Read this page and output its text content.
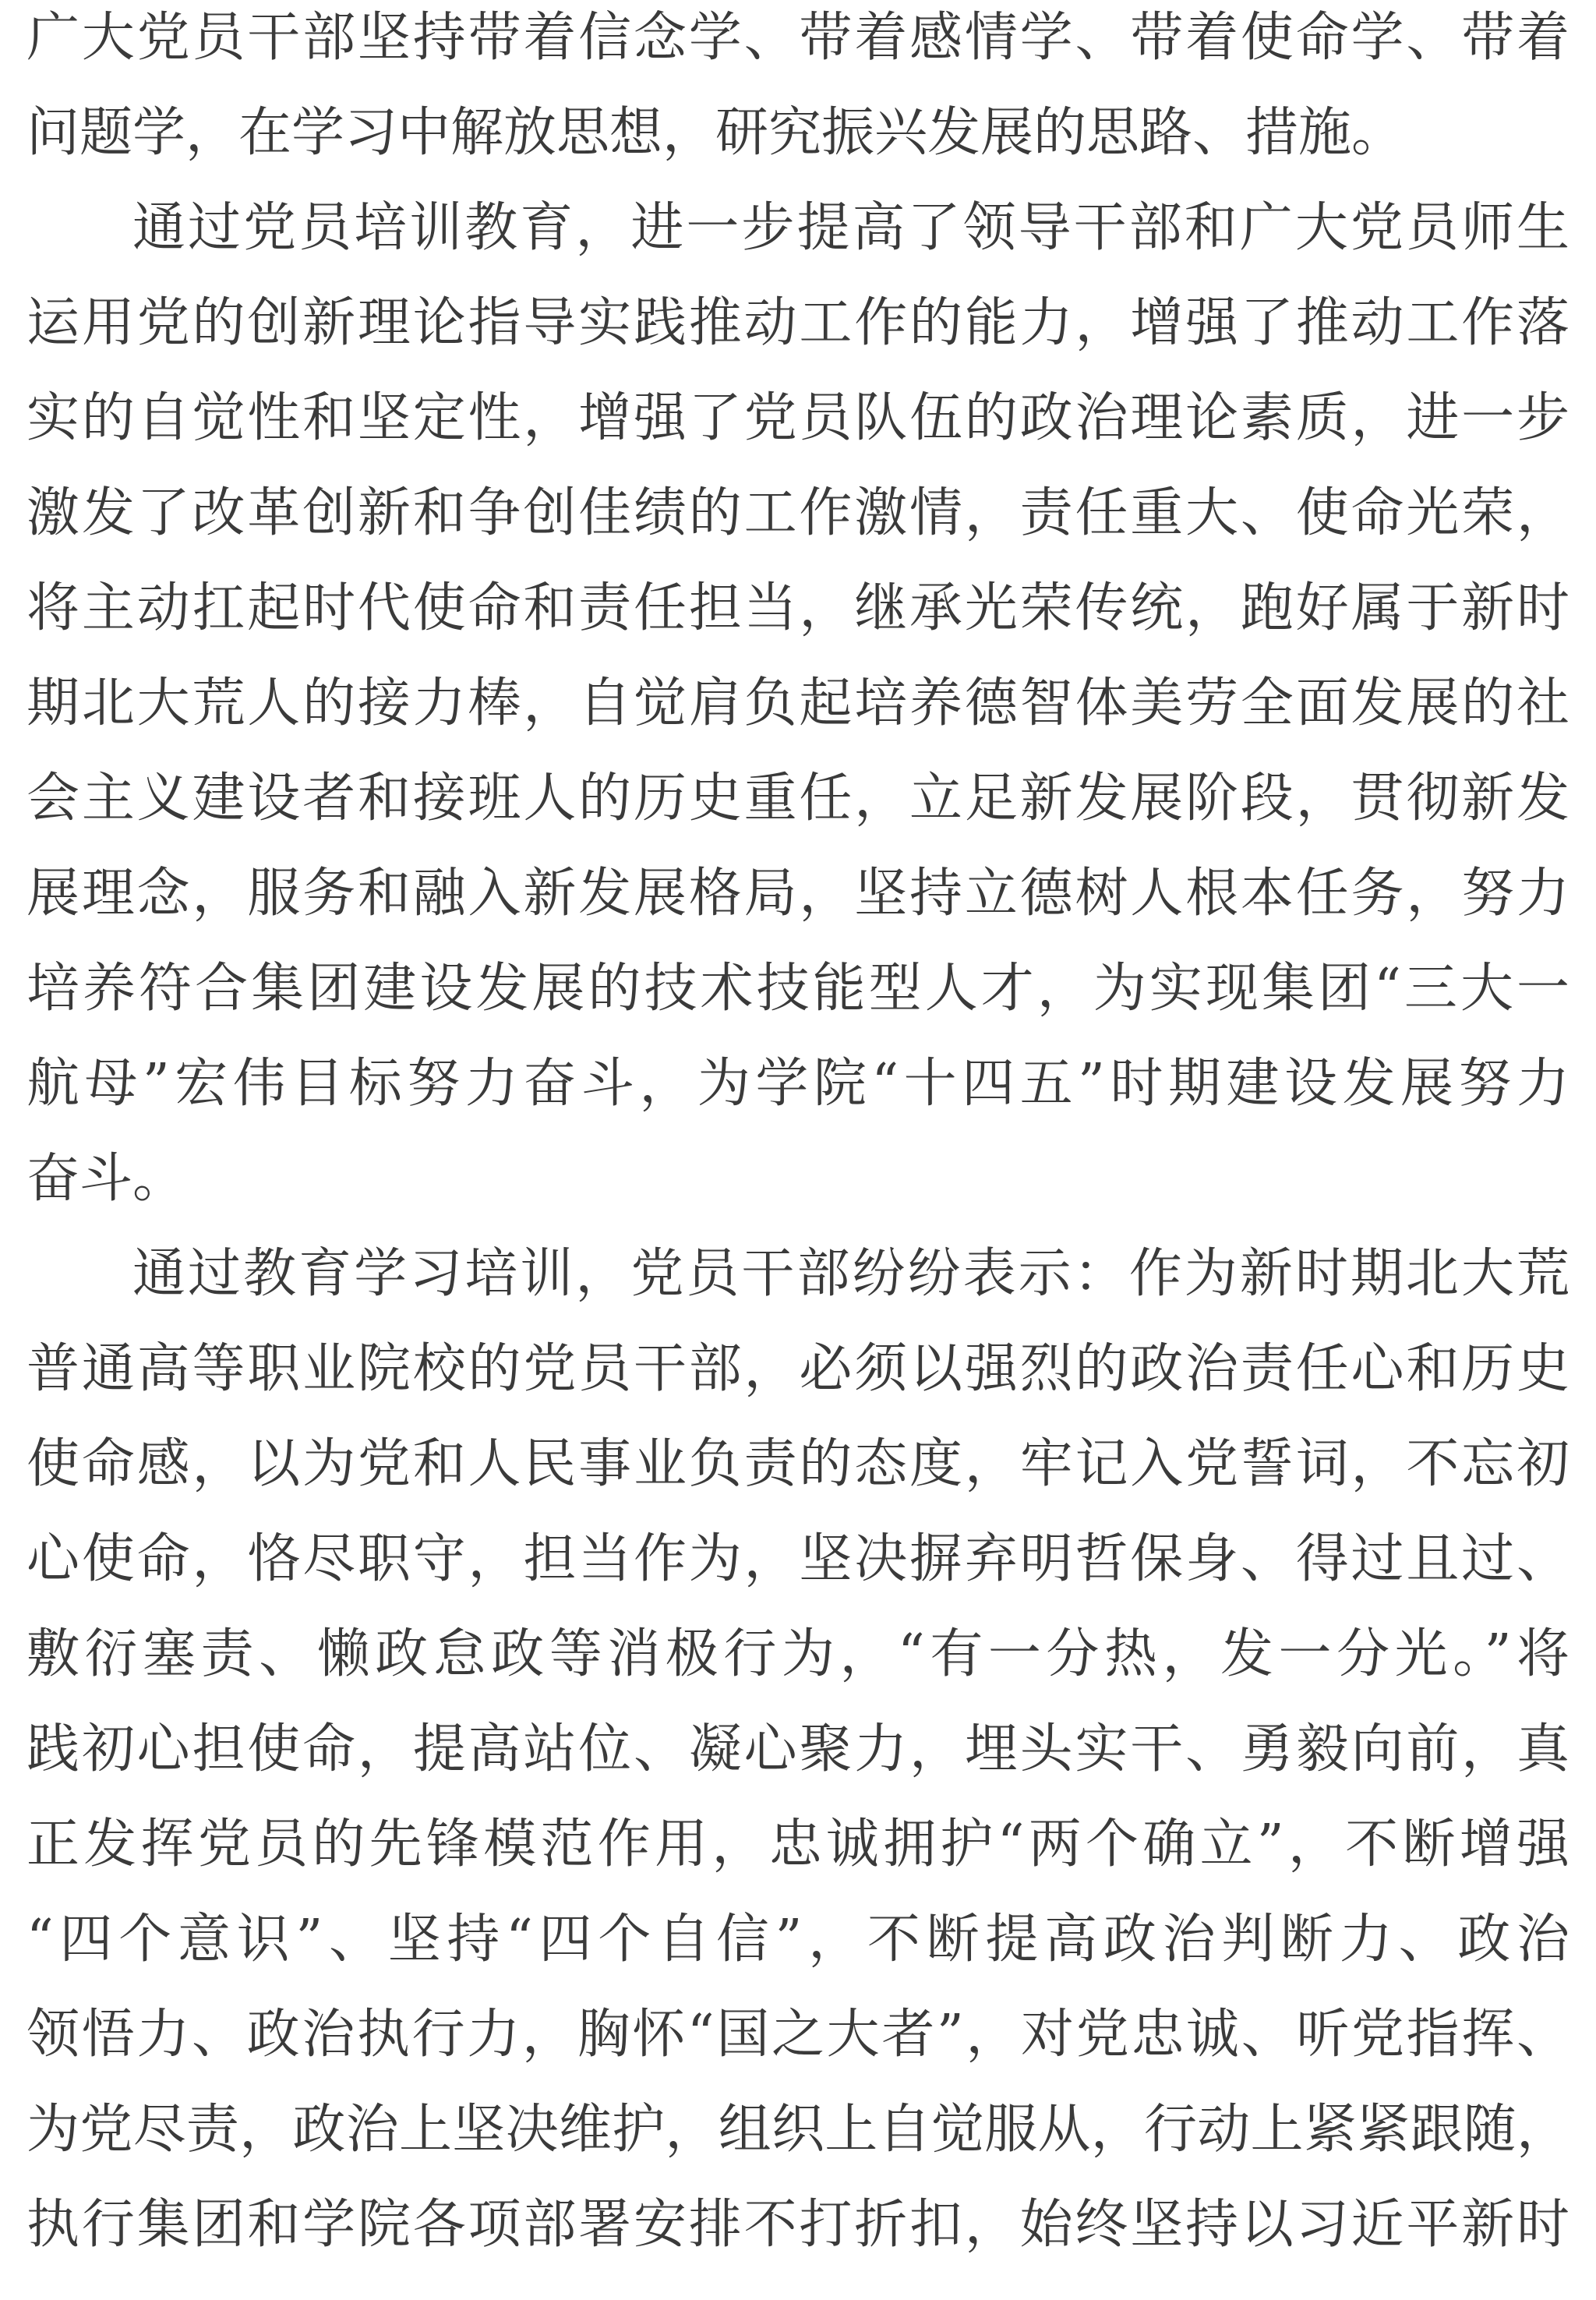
广大党员干部坚持带着信念学、带着感情学、带着使命学、带着
问题学，在学习中解放思想，研究振兴发展的思路、措施。
通过党员培训教育，进一步提高了领导干部和广大党员师生
运用党的创新理论指导实践推动工作的能力，增强了推动工作落
实的自觉性和坚定性，增强了党员队伍的政治理论素质，进一步
激发了改革创新和争创佳绩的工作激情，责任重大、使命光荣，
将主动扛起时代使命和责任担当，继承光荣传统，跑好属于新时
期北大荒人的接力棒，自觉肩负起培养德智体美劳全面发展的社
会主义建设者和接班人的历史重任，立足新发展阶段，贯彻新发
展理念，服务和融入新发展格局，坚持立德树人根本任务，努力
培养符合集团建设发展的技术技能型人才，为实现集团“三大一
航母”宏伟目标努力奋斗，为学院“十四五”时期建设发展努力
奋斗。
通过教育学习培训，党员干部纷纷表示：作为新时期北大荒
普通高等职业院校的党员干部，必须以强烈的政治责任心和历史
使命感，以为党和人民事业负责的态度，牢记入党誓词，不忘初
心使命，恪尽职守，担当作为，坚决摒弃明哲保身、得过且过、
敷衍塞责、懒政怠政等消极行为，“有一分热，发一分光。”将
践初心担使命，提高站位、凝心聚力，埋头实干、勇毅向前，真
正发挥党员的先锋模范作用，忠诚拥护“两个确立”，不断增强
“四个意识”、坚持“四个自信”，不断提高政治判断力、政治
领悟力、政治执行力，胸怀“国之大者”，对党忠诚、听党指挥、
为党尽责，政治上坚决维护，组织上自觉服从，行动上紧紧跟随，
执行集团和学院各项部署安排不打折扣，始终坚持以习近平新时
